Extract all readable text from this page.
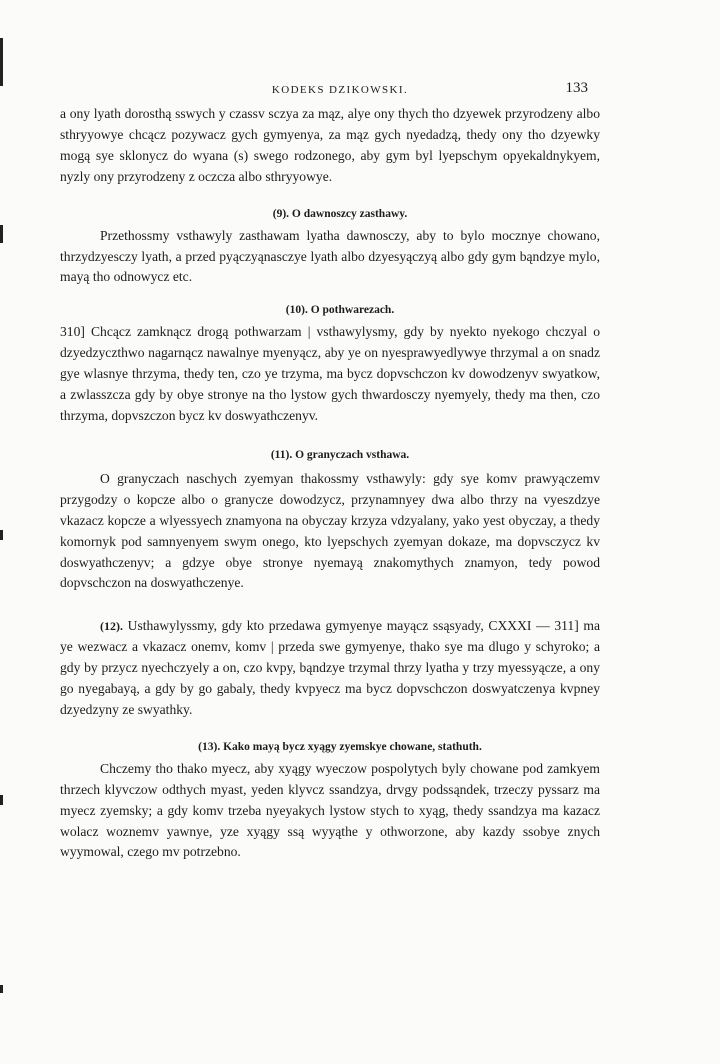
KODEKS DZIKOWSKI.	133

a ony lyath dorosthą sswych y czassv sczya za mąz, alye ony thych tho dzyewek przyrodzeny albo sthryyowye chcącz pozywacz gych gymyenya, za mąz gych nyedadzą, thedy ony tho dzyewky mogą sye sklonycz do wyana (s) swego rodzonego, aby gym byl lyepschym opyekaldnykyem, nyzly ony przyrodzeny z oczcza albo sthryyowye.

(9). O dawnoszcy zasthawy.

Przethossmy vsthawyly zasthawam lyatha dawnosczy, aby to bylo mocznye chowano, thrzydzyesczy lyath, a przed pyączyąnasczye lyath albo dzyesyączyą albo gdy gym bąndzye mylo, mayą tho odnowycz etc.

(10). O pothwarezach.

310] Chcącz zamknącz drogą pothwarzam | vsthawylysmy, gdy by nyekto nyekogo chczyal o dzyedzyczthwo nagarnącz nawalnye myenyącz, aby ye on nyesprawyedlywye thrzymal a on snadz gye wlasnye thrzyma, thedy ten, czo ye trzyma, ma bycz dopvschczon kv dowodzenyv swyatkow, a zwlasszcza gdy by obye stronye na tho lystow gych thwardosczy nyemyely, thedy ma then, czo thrzyma, dopvszczon bycz kv doswyathczenyv.

(11). O granyczach vsthawa.

O granyczach naschych zyemyan thakossmy vsthawyly: gdy sye komv prawyączemv przygodzy o kopcze albo o granycze dowodzycz, przynamnyey dwa albo thrzy na vyeszdzye vkazacz kopcze a wlyessyech znamyona na obyczay krzyza vdzyalany, yako yest obyczay, a thedy komornyk pod samnyenyem swym onego, kto lyepschych zyemyan dokaze, ma dopvsczycz kv doswyathczenyv; a gdzye obye stronye nyemayą znakomythych znamyon, tedy powod dopvschczon na doswyathczenye.

(12). Usthawylyssmy, gdy kto przedawa gymyenye mayącz ssąsyady, CXXXI — 311] ma ye wezwacz a vkazacz onemv, komv | przeda swe gymyenye, thako sye ma dlugo y schyroko; a gdy by przycz nyechczyely a on, czo kvpy, bąndzye trzymal thrzy lyatha y trzy myessyącze, a ony go nyegabayą, a gdy by go gabaly, thedy kvpyecz ma bycz dopvschczon doswyatczenya kvpney dzyedzyny ze swyathky.

(13). Kako mayą bycz xyągy zyemskye chowane, stathuth.

Chczemy tho thako myecz, aby xyągy wyeczow pospolytych byly chowane pod zamkyem thrzech klyvczow odthych myast, yeden klyvcz ssandzya, drvgy podssąndek, trzeczy pyssarz ma myecz zyemsky; a gdy komv trzeba nyeyakych lystow stych to xyąg, thedy ssandzya ma kazacz wolacz woznemv yawnye, yze xyągy ssą wyyąthe y othworzone, aby kazdy ssobye znych wyymowal, czego mv potrzebno.
